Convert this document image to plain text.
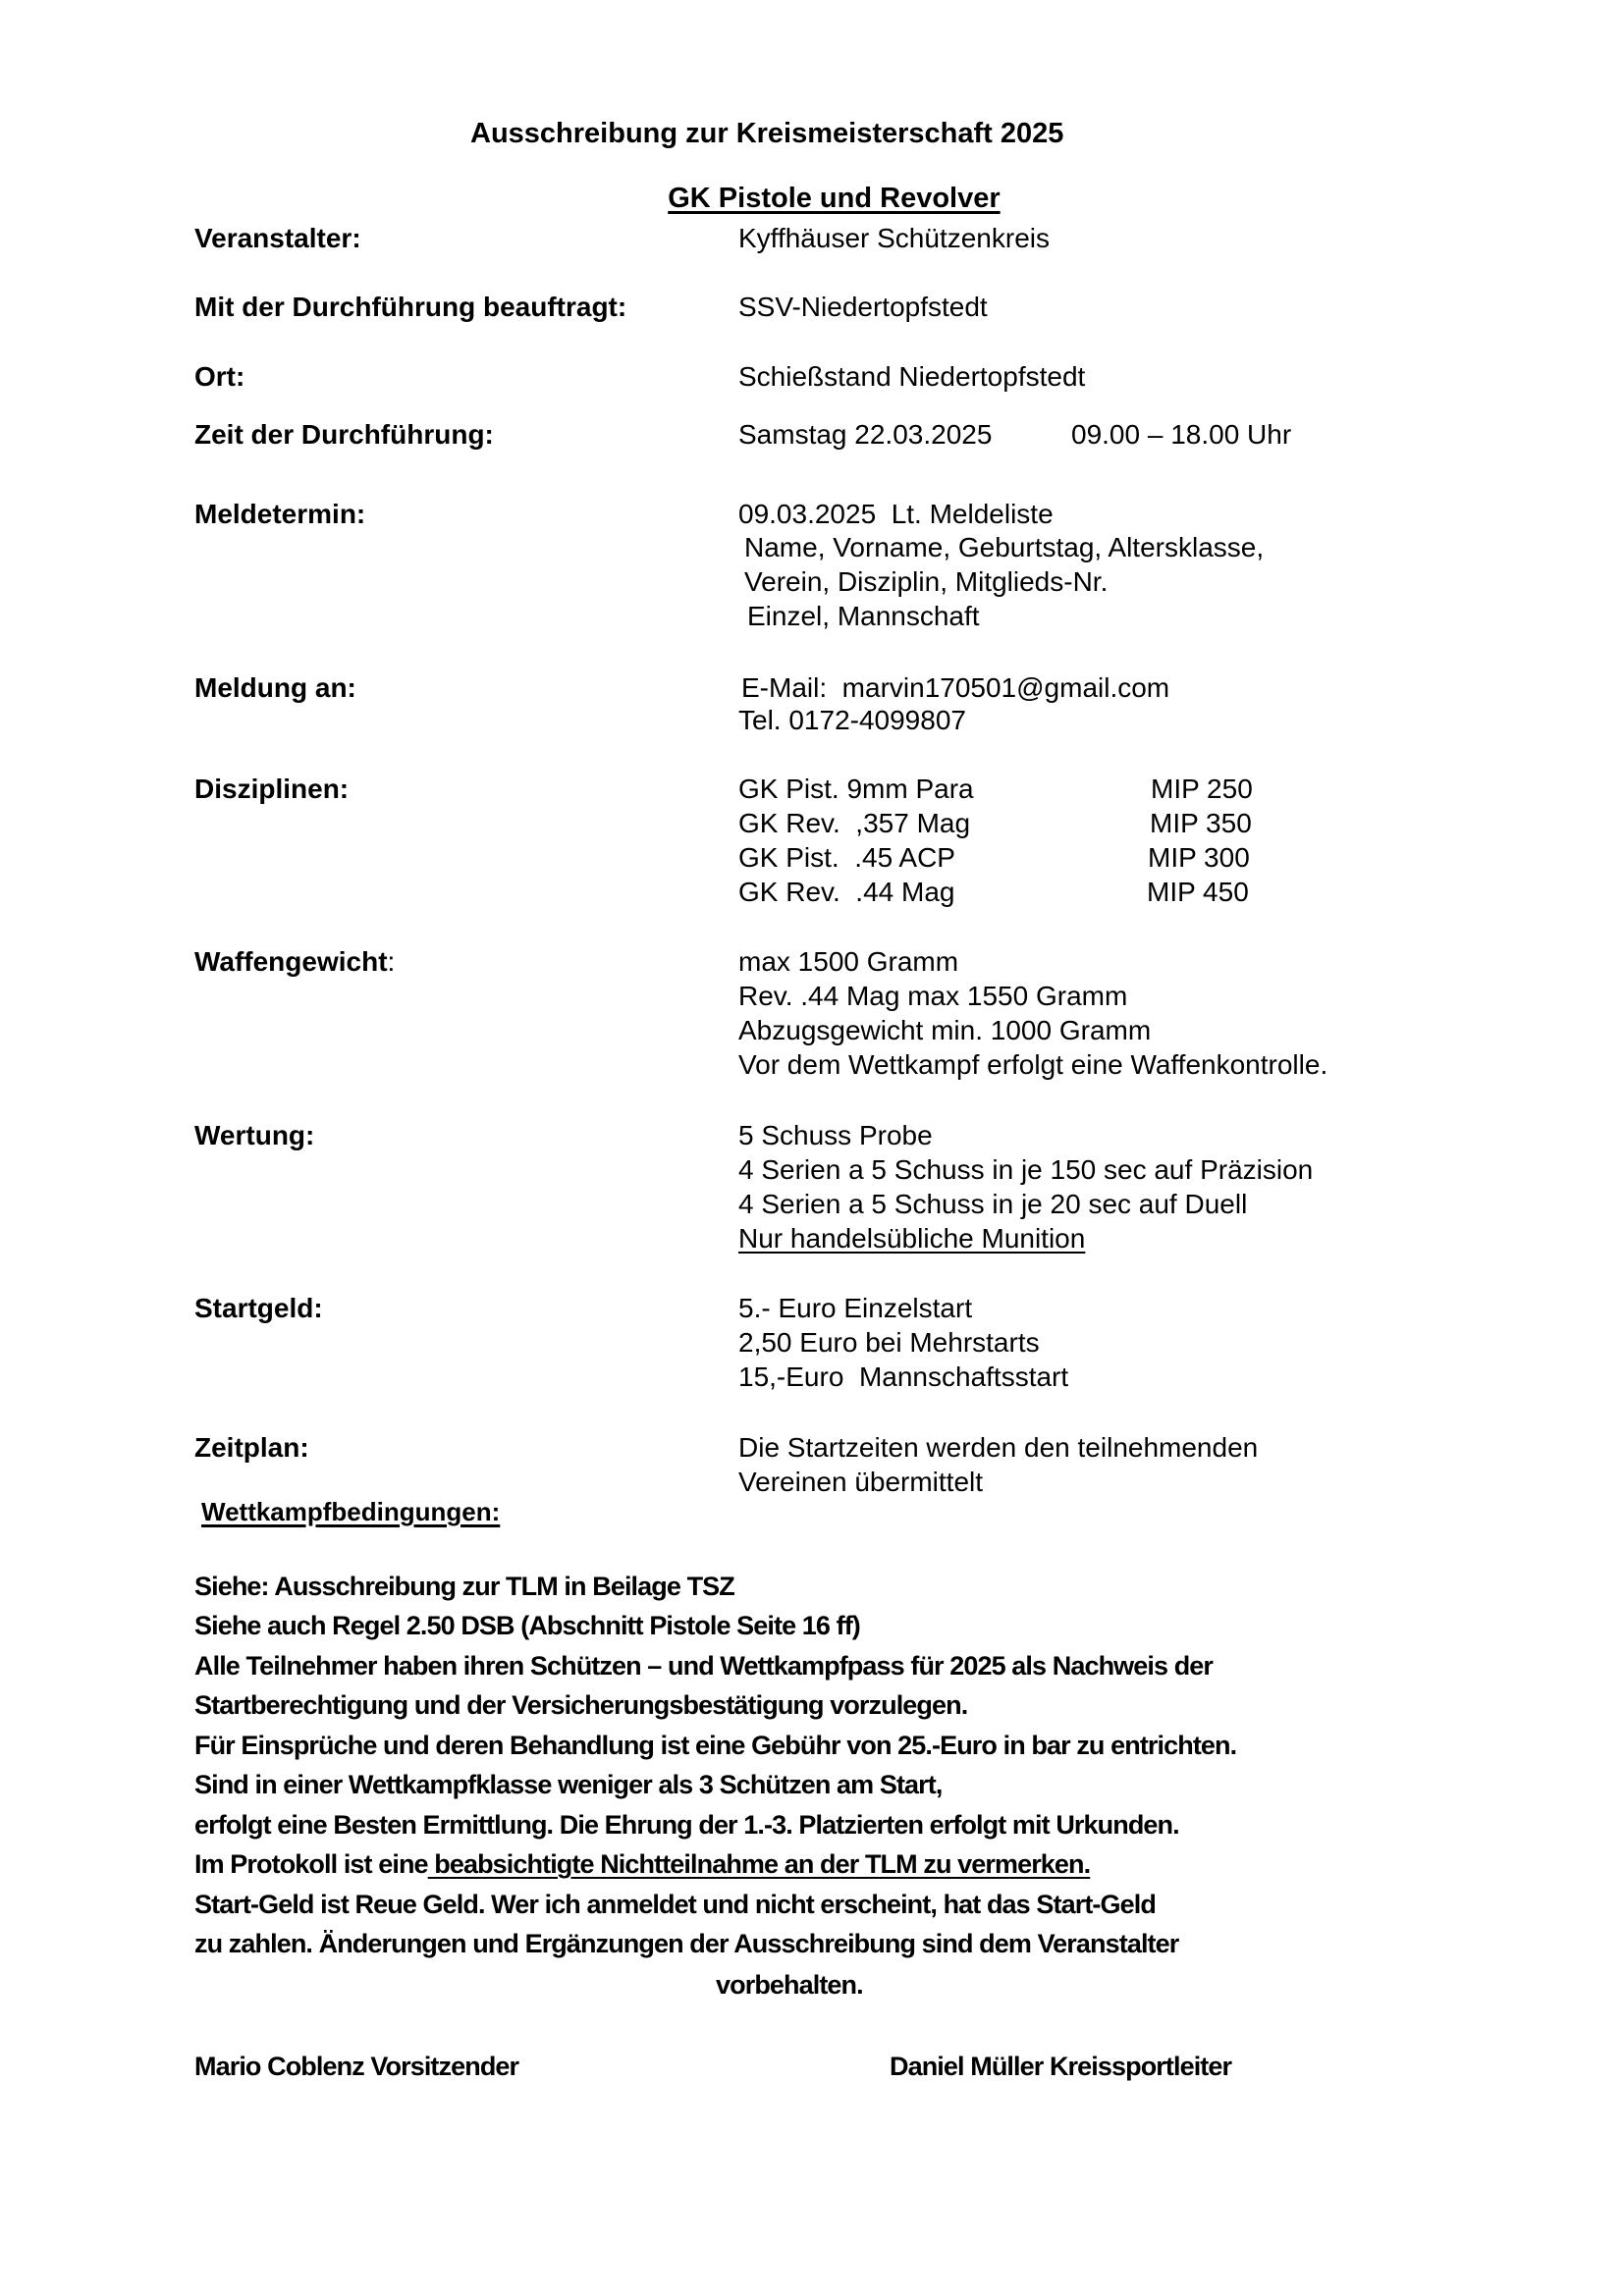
Ausschreibung zur Kreismeisterschaft 2025

GK Pistole und Revolver

Veranstalter:	Kyffhäuser Schützenkreis
Mit der Durchführung beauftragt:	SSV-Niedertopfstedt
Ort:	Schießstand Niedertopfstedt
Zeit der Durchführung:	Samstag 22.03.2025	09.00 – 18.00 Uhr
Meldetermin:	09.03.2025  Lt. Meldeliste
Name, Vorname, Geburtstag, Altersklasse,
Verein, Disziplin, Mitglieds-Nr.
Einzel, Mannschaft
Meldung an:	E-Mail:  marvin170501@gmail.com
Tel. 0172-4099807
Disziplinen:	GK Pist. 9mm Para	MIP 250
GK Rev.  ,357 Mag	MIP 350
GK Pist.  .45 ACP	MIP 300
GK Rev.  .44 Mag	MIP 450
Waffengewicht:	max 1500 Gramm
Rev. .44 Mag max 1550 Gramm
Abzugsgewicht min. 1000 Gramm
Vor dem Wettkampf erfolgt eine Waffenkontrolle.
Wertung:	5 Schuss Probe
4 Serien a 5 Schuss in je 150 sec auf Präzision
4 Serien a 5 Schuss in je 20 sec auf Duell
Nur handelsübliche Munition
Startgeld:	5.- Euro Einzelstart
2,50 Euro bei Mehrstarts
15,-Euro  Mannschaftsstart
Zeitplan:	Die Startzeiten werden den teilnehmenden
Vereinen übermittelt
Wettkampfbedingungen:
Siehe: Ausschreibung zur TLM in Beilage TSZ
Siehe auch Regel 2.50 DSB (Abschnitt Pistole Seite 16 ff)
Alle Teilnehmer haben ihren Schützen – und Wettkampfpass für 2025 als Nachweis der
Startberechtigung und der Versicherungsbestätigung vorzulegen.
Für Einsprüche und deren Behandlung ist eine Gebühr von 25.-Euro in bar zu entrichten.
Sind in einer Wettkampfklasse weniger als 3 Schützen am Start,
erfolgt eine Besten Ermittlung. Die Ehrung der 1.-3. Platzierten erfolgt mit Urkunden.
Im Protokoll ist eine beabsichtigte Nichtteilnahme an der TLM zu vermerken.
Start-Geld ist Reue Geld. Wer ich anmeldet und nicht erscheint, hat das Start-Geld
zu zahlen. Änderungen und Ergänzungen der Ausschreibung sind dem Veranstalter
vorbehalten.
Mario Coblenz Vorsitzender	Daniel Müller Kreissportleiter
